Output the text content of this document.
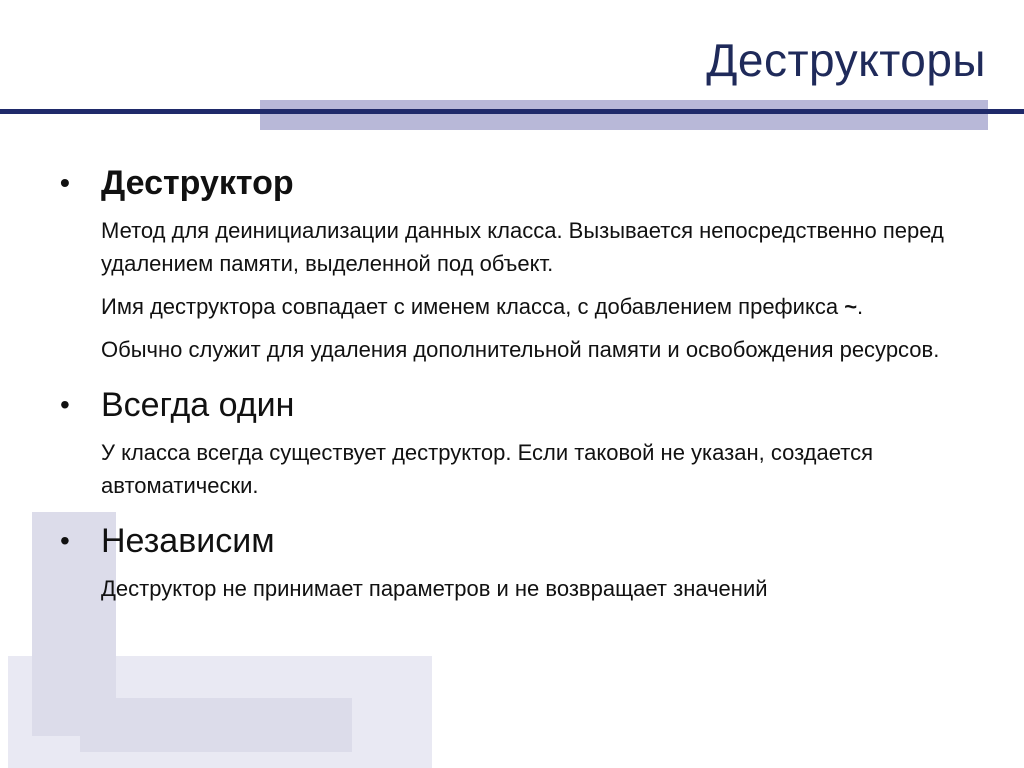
Деструкторы
• Деструктор
Метод для деинициализации данных класса. Вызывается непосредственно перед удалением памяти, выделенной под объект.
Имя деструктора совпадает с именем класса, с добавлением префикса ~.
Обычно служит для удаления дополнительной памяти и освобождения ресурсов.
• Всегда один
У класса всегда существует деструктор. Если таковой не указан, создается автоматически.
• Независим
Деструктор не принимает параметров и не возвращает значений
